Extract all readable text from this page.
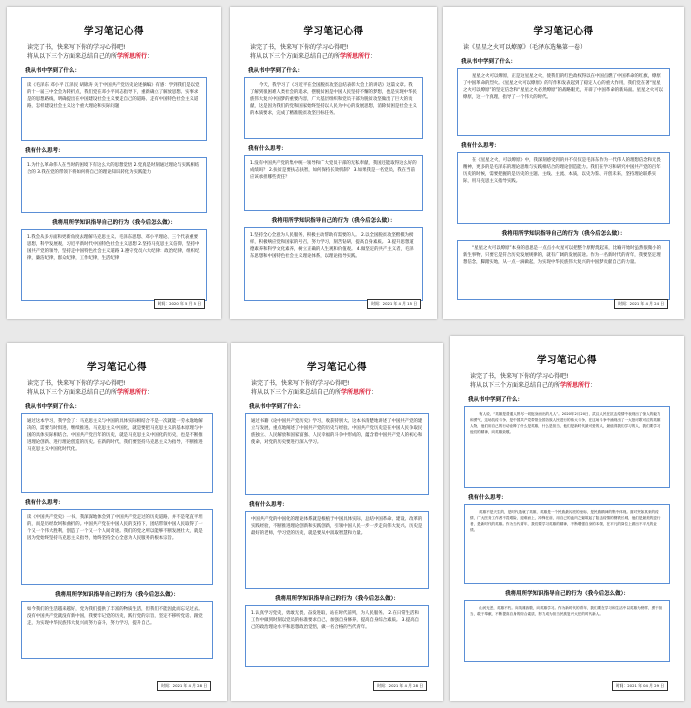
学习笔记心得
读完了书，快来写下你的学习心得吧!
将从以下三个方面来总结自己的所学所思所行：
我从书中学到了什么：

读《毛泽东 邓小平 江泽民 胡锦涛 关于中国共产党历史论述摘编》有感：学到我们是以党的十一届三中全会为转折点，我们党在邓小平同志指导下，重新确立了解放思想、实事求是的思想路线，明确提出在中国建设社会主义要走自己的道路、走有中国特色社会主义道路，怎样建设社会主义这个重大理论和实际问题

我有什么思考：

1.为什么革命伟人在当时的困境下有这么大的思想觉悟 2.党真是时刻通过理论与实践相结合的 3.我在党的带领下将如何将自己的理论知识转化为实践能力

我将用所学知识指导自己的行为（我今后怎么做）：

1.我会从多方面和更新角度去理解马克思主义、毛泽东思想、邓小平理论、三个代表重要思想，科学发展观，习近平新时代中国特色社会主义思想 2.坚持马克思主义信仰，坚持中国共产党的领导，坚持走中国特色社会主义道路 3.遵守党员六大纪律：政治纪律，组织纪律，廉洁纪律，群众纪律，工作纪律，生活纪律

时间：2020 年 5 月 5 日
学习笔记心得
读完了书，快来写下你的学习心得吧!
将从以下三个方面来总结自己的所学所思所行：
我从书中学到了什么：

今天，我学习了《习近平在全国脱贫攻坚总结表彰大会上的讲话》这篇文章。我了解到很困难人类社会的追求，摆脱贫困是中国人民坚持不懈的梦想，也是实现中华民族伟大复兴中国梦的重要内容，广大基层组织和党员干部为脱贫攻坚做出了巨大的贡献，这是因为我们的党和国家始终坚持以人民为中心的发展思想，消除贫困是社会主义的本质要求，完成了精准脱贫攻坚目标任务。

我有什么思考：

1.没有中国共产党的集中统一领导和广大党员干部的无私奉献，我国还能取得这么好的成绩吗？ 2.扶贫是要扶志扶智，如何保持长效机制？ 3.如果我是一名党员，我在当前应该承担哪些责任？

我将用所学知识指导自己的行为（我今后怎么做）：

1.坚持全心全意为人民服务，积极主动帮助有需要的人。 2.以全国脱贫攻坚楷模为榜样，积极响应党和国家的号召，努力学习，刻苦钻研，提高自身素质。 3.提升思想道德素养和科学文化素养，树立正确的人生观和价值观。 4.做坚定的共产主义者，毛泽东思想和中国特色社会主义理论体系，以理论指导实践。

时间：2021 年 4 月 15 日
学习笔记心得
读《星星之火可以燎原》（毛泽东选集第一卷）
我从书中学到了什么：

星星之火可以燎原，正是这星星之火，使我们的红色政权得以在中国点燃了中国革命的红旗，燎原了中国革命的烈火。《星星之火可以燎原》的写作和发表起到了稳定人心的重大作用，我们党在著“星星之火可以燎原”的坚定信念和“星星之火必然燎原”的战略眼光，开辟了中国革命的新局面。星星之火可以燎原，这一个真理，指导了一个伟大的时代。

我有什么思考：

在《星星之火，可以燎原》中，我深刻感受到的并不仅仅是毛泽东作为一代伟人的理想信念和无畏精神，更多的是毛泽东的理论思维与实践相结合的理论创造能力。我们在学习和研究中国共产党的百年历史的时候，需要把握的是历史的主题、主线、主流、本质，以史为鉴、开创未来，坚持理论联系实际，用马克思主义指导实践。

我将用所学知识指导自己的行为（我今后怎么做）：

“星星之火可以燎原”本身的意思是一点点小火星可以把整个原野烧起来，比喻开始时虽然很微小的新生事物，只要它是符合历史发展规律的，就有广阔的发展前途。作为一名新时代的青年，我要坚定理想信念，脚踏实地，从一点一滴做起，为实现中华民族伟大复兴的中国梦贡献自己的力量。

时间：2021 年 4 月 24 日
学习笔记心得
读完了书，快来写下你的学习心得吧!
将从以下三个方面来总结自己的所学所思所行：
我从书中学到了什么：

通过这本学习，我学会了：马克思主义与中国的具体实际相结合不是一次就能一劳永逸地解决的，需要与时俱进，继续推进。马克思主义中国化，就是要把马克思主义的基本原理与中国的具体实际相结合。中国共产党百年的历史，就是马克思主义中国化的历史，也是不断推进理论创新、进行理论创造的历史。在新的时代，我们要坚持马克思主义为指导，不断推进马克思主义中国化时代化。

我有什么思考：

读《中国共产党史》一书，我深深地体会到了中国共产党走过的历史道路，并不是笔直平坦的，而是历经坎坷和曲折的。中国共产党在中国人民的支持下，团结带领中国人民取得了一个又一个伟大胜利，创造了一个又一个人间奇迹。我们的党之所以能够不断发展壮大，就是因为党始终坚持马克思主义指导，始终坚持全心全意为人民服务的根本宗旨。

我将用所学知识指导自己的行为（我今后怎么做）：

如今我们的生活越来越好，党为我们提供了丰富的物质生活，但我们不能因此而忘记过去。没有中国共产党就没有新中国，我要牢记党的历史，践行党的宗旨，坚定不移听党话、跟党走，为实现中华民族伟大复兴而努力奋斗，努力学习，提升自己。

时间：2021 年 4 月 28 日
学习笔记心得
读完了书，快来写下你的学习心得吧!
将从以下三个方面来总结自己的所学所思所行：
我从书中学到了什么：

通过书籍《论中国共产党历史》学习，收获特别大。这本书清楚地讲述了中国共产党的建立与发展，重点地阐述了中国共产党的历史与经验。中国共产党历史是在中国人民争取民族独立、人民解放和国家富强、人民幸福的斗争中形成的，蕴含着中国共产党人的初心和使命，对党的历史要进行深入学习。

我有什么思考：

中国共产党的中国化的理论体系就是根植于中国具体实际，总结中国革命、建设、改革的实践经验，不断推进理论创新和实践创新，引领中国人民一步一步走向伟大复兴。历史是最好的老师，学习党的历史，就是要从中汲取智慧和力量。

我将用所学知识指导自己的行为（我今后怎么做）：

1.认真学习党史，勇敢无畏，奋发进取，站在时代前列，为人民服务。 2.在日常生活和工作中做到时刻以党员的标准要求自己，加强自身修养，提高自身综合素质。 3.提高自己的政治理论水平和思想政治觉悟，做一名合格的当代青年。

时间：2021 年 4 月 28 日
学习笔记心得
读完了书，快来写下你的学习心得吧!
将从以下三个方面来总结自己的所学所思所行：
我从书中学到了什么：

有人说，“英雄是普通人拼尽一切挺身而出的凡人”。2020年2月20日，武汉人民在抗击疫情中表现出了惊人的毅力和勇气，这场抗疫斗争，是中国共产党带领全国各族人民进行的伟大斗争，在这场斗争中涌现出了一大批可歌可泣的英雄人物，他们用自己的行动诠释了什么是英雄，什么是担当，他们是新时代最可爱的人，最值得我们学习的人，我们要学习他们的精神，向英雄致敬。

我有什么思考：

英雄不是天生的，是时代造就了英雄，英雄是一个民族最闪亮的坐标，是民族精神的集中体现。面对突如其来的疫情，广大医务工作者不畏艰险，迎难而上，冲锋在前，用自己的血肉之躯筑起了阻击疫情的钢铁长城，他们是最美的逆行者，是新时代的英雄。作为当代青年，我们要学习英雄的精神，不断增强自身的本领，在平凡的岗位上做出不平凡的业绩。

我将用所学知识指导自己的行为（我今后怎么做）：

山河无恙，英雄不朽。向英雄致敬，向英雄学习。作为新时代的青年，我们要在学习和生活中以英雄为榜样，勇于担当，敢于奉献，不断提高自身的综合素质，努力成为担当民族复兴大任的时代新人。

时间：2021 年 04 月 29 日
